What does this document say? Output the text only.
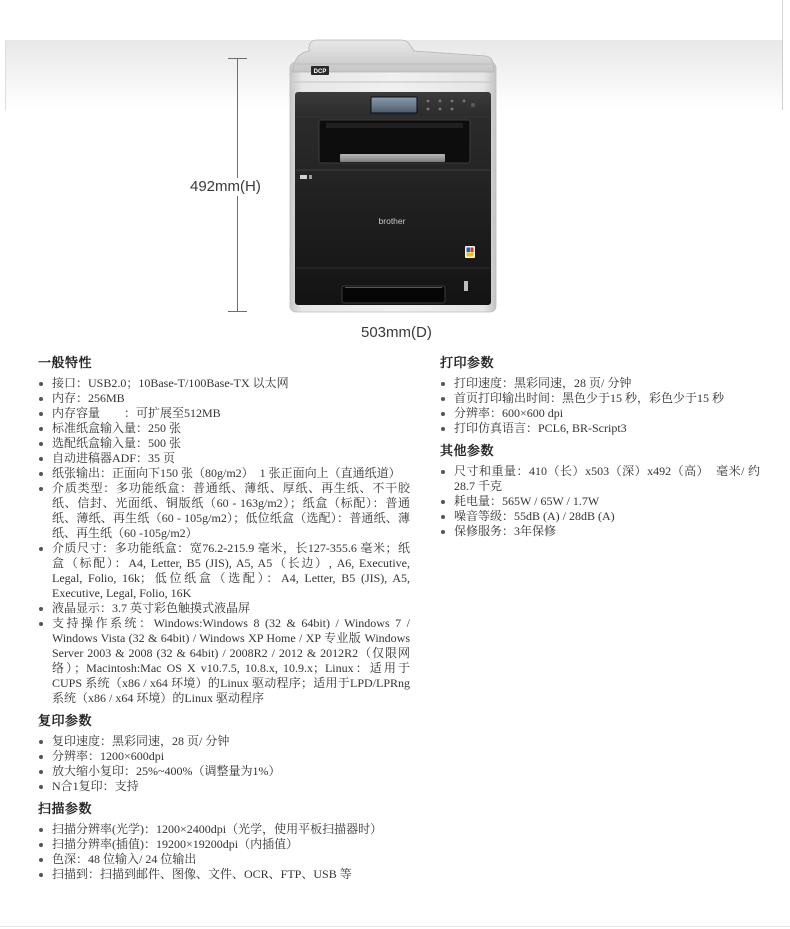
DCP
brother
492mm(H)
503mm(D)
一般特性
接口：USB2.0；10Base-T/100Base-TX 以太网
内存：256MB
内存容量        ：可扩展至512MB
标准纸盒输入量：250 张
选配纸盒输入量：500 张
自动进稿器ADF：35 页
纸张输出：正面向下150 张（80g/m2）  1 张正面向上（直通纸道）
介质类型：多功能纸盒：普通纸、薄纸、厚纸、再生纸、不干胶纸、信封、光面纸、铜版纸（60 - 163g/m2）；纸盒（标配）：普通纸、薄纸、再生纸（60 - 105g/m2）；低位纸盒（选配）：普通纸、薄纸、再生纸（60 -105g/m2）
介质尺寸：多功能纸盒：宽76.2-215.9 毫米，长127-355.6 毫米；纸盒（标配）：A4, Letter, B5 (JIS), A5, A5（长边）, A6, Executive, Legal, Folio, 16k；低位纸盒（选配）：A4, Letter, B5 (JIS), A5, Executive, Legal, Folio, 16K
液晶显示：3.7 英寸彩色触摸式液晶屏
支持操作系统：Windows:Windows 8 (32 & 64bit) / Windows 7 / Windows Vista (32 & 64bit) / Windows XP Home / XP 专业版 Windows Server 2003 & 2008 (32 & 64bit) / 2008R2 / 2012 & 2012R2（仅限网络）；Macintosh:Mac OS X v10.7.5, 10.8.x, 10.9.x；Linux：适用于CUPS 系统（x86 / x64 环境）的Linux 驱动程序；适用于LPD/LPRng 系统（x86 / x64 环境）的Linux 驱动程序
复印参数
复印速度：黑彩同速，28 页/ 分钟
分辨率：1200×600dpi
放大缩小复印：25%~400%（调整量为1%）
N合1复印：支持
扫描参数
扫描分辨率(光学)：1200×2400dpi（光学，使用平板扫描器时）
扫描分辨率(插值)：19200×19200dpi（内插值）
色深：48 位输入/ 24 位输出
扫描到：扫描到邮件、图像、文件、OCR、FTP、USB 等
打印参数
打印速度：黑彩同速，28 页/ 分钟
首页打印输出时间：黑色少于15 秒，彩色少于15 秒
分辨率：600×600 dpi
打印仿真语言：PCL6, BR-Script3
其他参数
尺寸和重量：410（长）x503（深）x492（高）  毫米/ 约28.7 千克
耗电量：565W / 65W / 1.7W
噪音等级：55dB (A) / 28dB (A)
保修服务：3年保修
